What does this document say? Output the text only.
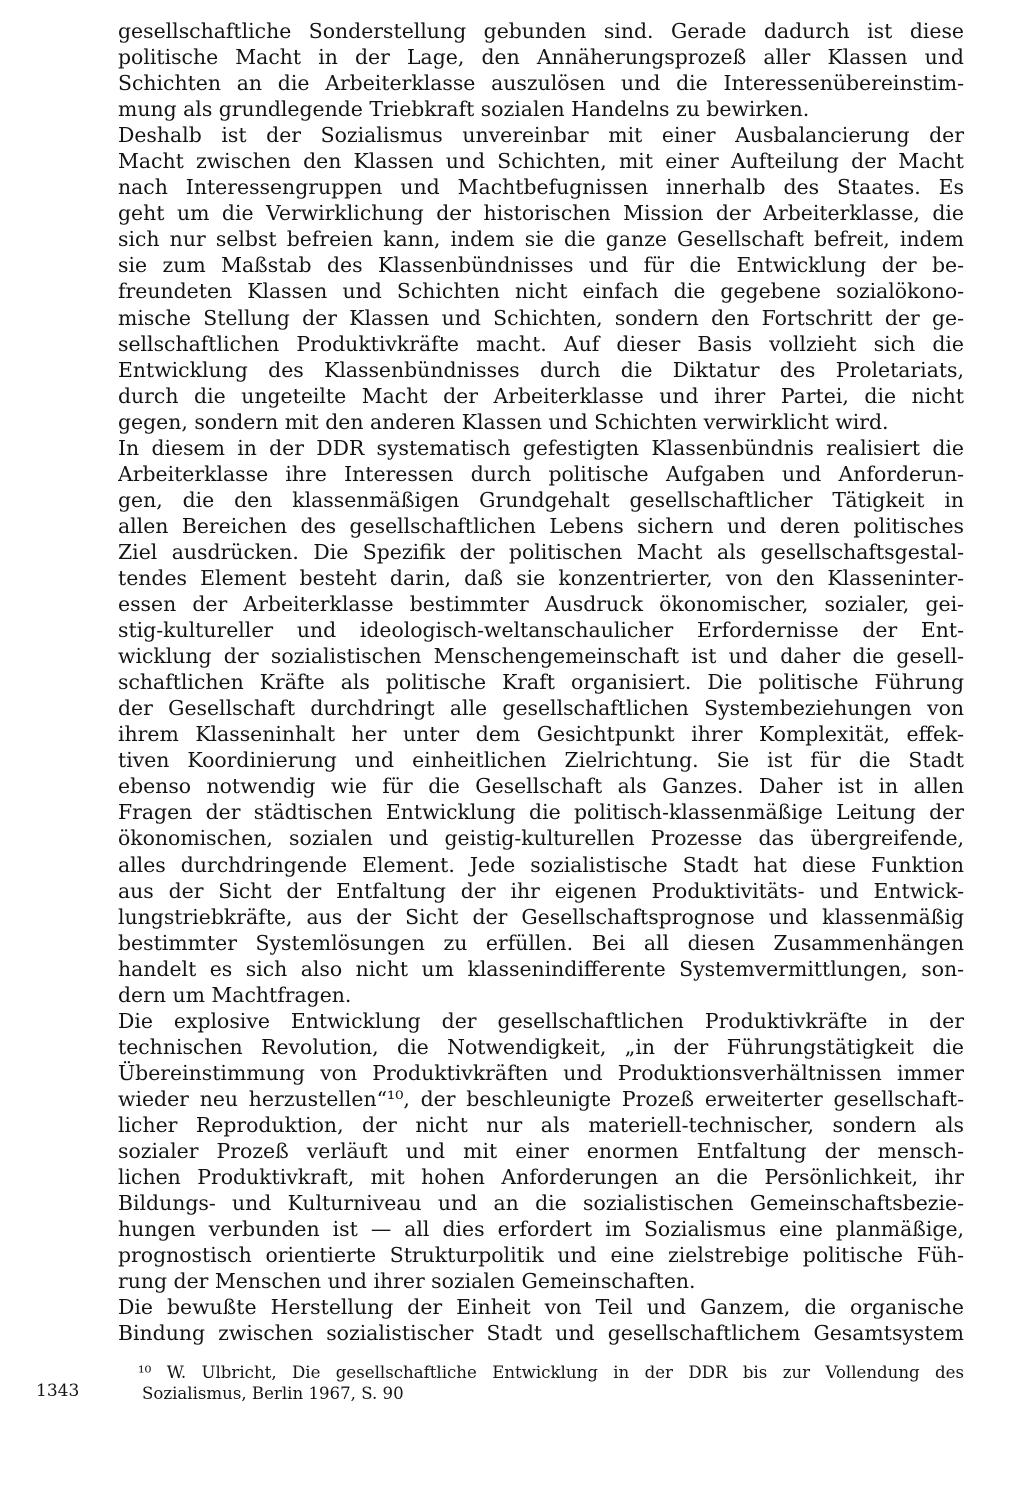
gesellschaftliche Sonderstellung gebunden sind. Gerade dadurch ist diese
politische Macht in der Lage, den Annäherungsprozeß aller Klassen und
Schichten an die Arbeiterklasse auszulösen und die Interessenübereinstim-
mung als grundlegende Triebkraft sozialen Handelns zu bewirken.
Deshalb ist der Sozialismus unvereinbar mit einer Ausbalancierung der
Macht zwischen den Klassen und Schichten, mit einer Aufteilung der Macht
nach Interessengruppen und Machtbefugnissen innerhalb des Staates. Es
geht um die Verwirklichung der historischen Mission der Arbeiterklasse, die
sich nur selbst befreien kann, indem sie die ganze Gesellschaft befreit, indem
sie zum Maßstab des Klassenbündnisses und für die Entwicklung der be-
freundeten Klassen und Schichten nicht einfach die gegebene sozialökono-
mische Stellung der Klassen und Schichten, sondern den Fortschritt der ge-
sellschaftlichen Produktivkräfte macht. Auf dieser Basis vollzieht sich die
Entwicklung des Klassenbündnisses durch die Diktatur des Proletariats,
durch die ungeteilte Macht der Arbeiterklasse und ihrer Partei, die nicht
gegen, sondern mit den anderen Klassen und Schichten verwirklicht wird.
In diesem in der DDR systematisch gefestigten Klassenbündnis realisiert die
Arbeiterklasse ihre Interessen durch politische Aufgaben und Anforderun-
gen, die den klassenmäßigen Grundgehalt gesellschaftlicher Tätigkeit in
allen Bereichen des gesellschaftlichen Lebens sichern und deren politisches
Ziel ausdrücken. Die Spezifik der politischen Macht als gesellschaftsgestal-
tendes Element besteht darin, daß sie konzentrierter, von den Klasseninter-
essen der Arbeiterklasse bestimmter Ausdruck ökonomischer, sozialer, gei-
stig-kultureller und ideologisch-weltanschaulicher Erfordernisse der Ent-
wicklung der sozialistischen Menschengemeinschaft ist und daher die gesell-
schaftlichen Kräfte als politische Kraft organisiert. Die politische Führung
der Gesellschaft durchdringt alle gesellschaftlichen Systembeziehungen von
ihrem Klasseninhalt her unter dem Gesichtpunkt ihrer Komplexität, effek-
tiven Koordinierung und einheitlichen Zielrichtung. Sie ist für die Stadt
ebenso notwendig wie für die Gesellschaft als Ganzes. Daher ist in allen
Fragen der städtischen Entwicklung die politisch-klassenmäßige Leitung der
ökonomischen, sozialen und geistig-kulturellen Prozesse das übergreifende,
alles durchdringende Element. Jede sozialistische Stadt hat diese Funktion
aus der Sicht der Entfaltung der ihr eigenen Produktivitäts- und Entwick-
lungstriebkräfte, aus der Sicht der Gesellschaftsprognose und klassenmäßig
bestimmter Systemlösungen zu erfüllen. Bei all diesen Zusammenhängen
handelt es sich also nicht um klassenindifferente Systemvermittlungen, son-
dern um Machtfragen.
Die explosive Entwicklung der gesellschaftlichen Produktivkräfte in der
technischen Revolution, die Notwendigkeit, „in der Führungstätigkeit die
Übereinstimmung von Produktivkräften und Produktionsverhältnissen immer
wieder neu herzustellen“¹⁰, der beschleunigte Prozeß erweiterter gesellschaft-
licher Reproduktion, der nicht nur als materiell-technischer, sondern als
sozialer Prozeß verläuft und mit einer enormen Entfaltung der mensch-
lichen Produktivkraft, mit hohen Anforderungen an die Persönlichkeit, ihr
Bildungs- und Kulturniveau und an die sozialistischen Gemeinschaftsbezie-
hungen verbunden ist — all dies erfordert im Sozialismus eine planmäßige,
prognostisch orientierte Strukturpolitik und eine zielstrebige politische Füh-
rung der Menschen und ihrer sozialen Gemeinschaften.
Die bewußte Herstellung der Einheit von Teil und Ganzem, die organische
Bindung zwischen sozialistischer Stadt und gesellschaftlichem Gesamtsystem
¹⁰ W. Ulbricht, Die gesellschaftliche Entwicklung in der DDR bis zur Vollendung des
Sozialismus, Berlin 1967, S. 90
1343
